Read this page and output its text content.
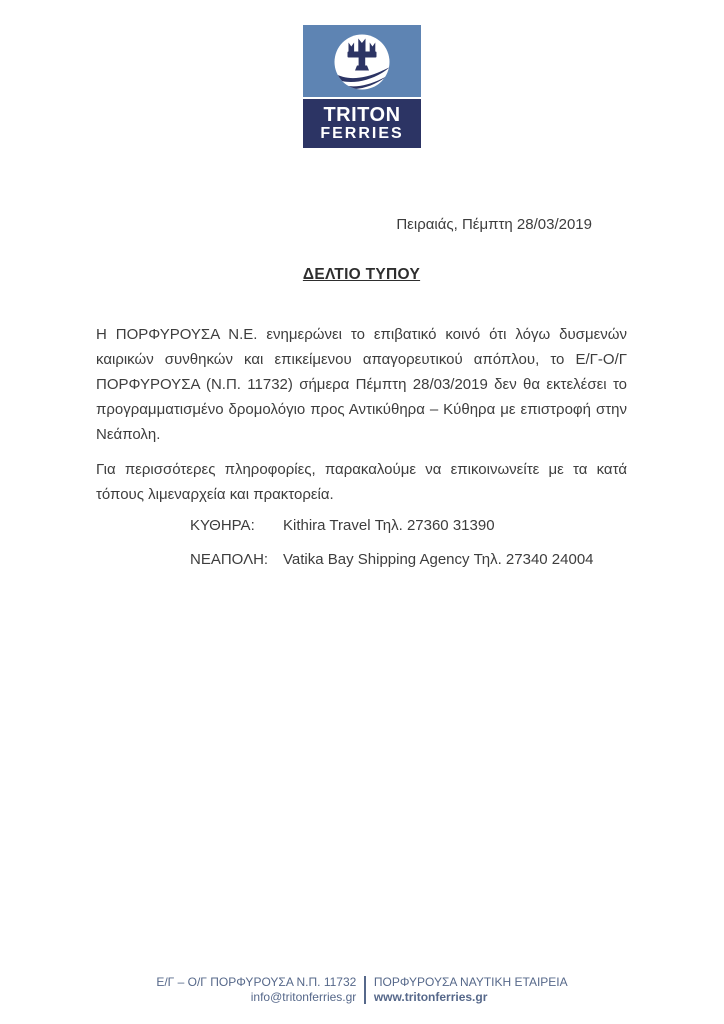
TRITON
FERRIES
Πειραιάς, Πέμπτη 28/03/2019
ΔΕΛΤΙΟ ΤΥΠΟΥ
Η ΠΟΡΦΥΡΟΥΣΑ Ν.Ε. ενημερώνει το επιβατικό κοινό ότι λόγω δυσμενών καιρικών συνθηκών και επικείμενου απαγορευτικού απόπλου, το Ε/Γ-Ο/Γ ΠΟΡΦΥΡΟΥΣΑ (Ν.Π. 11732) σήμερα Πέμπτη 28/03/2019 δεν θα εκτελέσει το προγραμματισμένο δρομολόγιο προς Αντικύθηρα – Κύθηρα με επιστροφή στην Νεάπολη.
Για περισσότερες πληροφορίες, παρακαλούμε να επικοινωνείτε με τα κατά τόπους λιμεναρχεία και πρακτορεία.
ΚΥΘΗΡΑ:	Kithira Travel Τηλ. 27360 31390
ΝΕΑΠΟΛΗ: Vatika Bay Shipping Agency Τηλ. 27340 24004
Ε/Γ – Ο/Γ ΠΟΡΦΥΡΟΥΣΑ Ν.Π. 11732
info@tritonferries.gr
ΠΟΡΦΥΡΟΥΣΑ ΝΑΥΤΙΚΗ ΕΤΑΙΡΕΙΑ
www.tritonferries.gr
